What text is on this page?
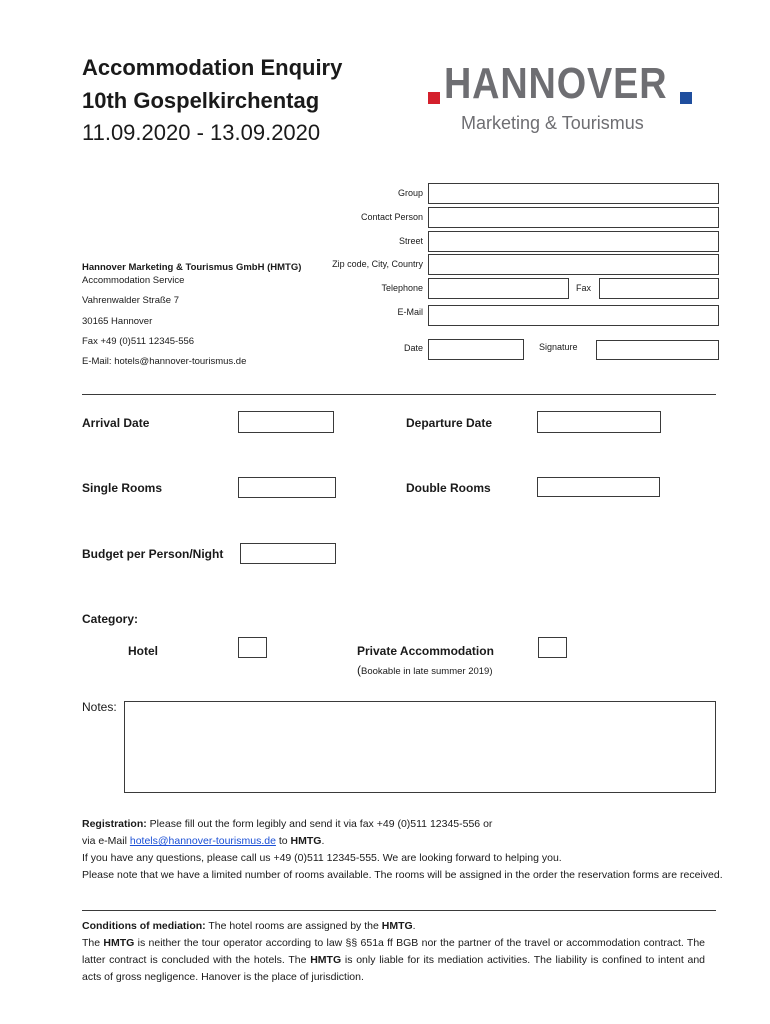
Accommodation Enquiry
10th Gospelkirchentag
11.09.2020 - 13.09.2020
HANNOVER
Marketing & Tourismus
Group
Contact Person
Street
Zip code, City, Country
Telephone	Fax
E-Mail
Date	Signature
Hannover Marketing & Tourismus GmbH (HMTG)
Accommodation Service
Vahrenwalder Straße 7
30165 Hannover
Fax +49 (0)511 12345-556
E-Mail: hotels@hannover-tourismus.de
Arrival Date	Departure Date
Single Rooms	Double Rooms
Budget per Person/Night
Category:
Hotel	Private Accommodation
(Bookable in late summer 2019)
Notes:
Registration: Please fill out the form legibly and send it via fax +49 (0)511 12345-556 or
via e-Mail hotels@hannover-tourismus.de to HMTG.
If you have any questions, please call us +49 (0)511 12345-555. We are looking forward to helping you.
Please note that we have a limited number of rooms available. The rooms will be assigned in the order the reservation forms are received.
Conditions of mediation: The hotel rooms are assigned by the HMTG.
The HMTG is neither the tour operator according to law §§ 651a ff BGB nor the partner of the travel or accommodation contract. The latter contract is concluded with the hotels. The HMTG is only liable for its mediation activities. The liability is confined to intent and acts of gross negligence. Hanover is the place of jurisdiction.
